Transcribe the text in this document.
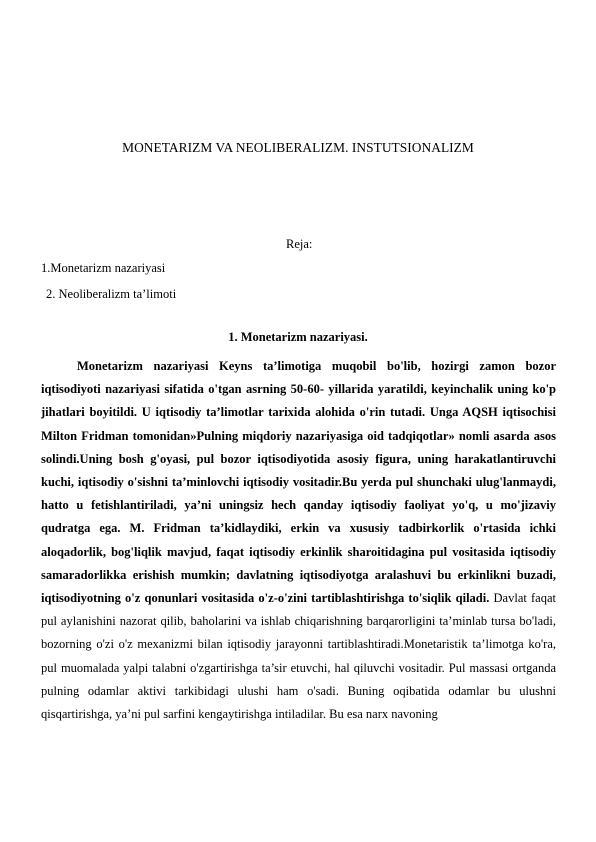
MONETARIZM VA NEOLIBERALIZM. INSTUTSIONALIZM
Reja:
1.Monetarizm nazariyasi
2. Neoliberalizm ta’limoti
1. Monetarizm nazariyasi.

Monetarizm nazariyasi Keyns ta’limotiga muqobil bo'lib, hozirgi zamon bozor iqtisodiyoti nazariyasi sifatida o'tgan asrning 50-60- yillarida yaratildi, keyinchalik uning ko'p jihatlari boyitildi. U iqtisodiy ta’limotlar tarixida alohida o'rin tutadi. Unga AQSH iqtisochisi Milton Fridman tomonidan»Pulning miqdoriy nazariyasiga oid tadqiqotlar» nomli asarda asos solindi.Uning bosh g'oyasi, pul bozor iqtisodiyotida asosiy figura, uning harakatlantiruvchi kuchi, iqtisodiy o'sishni ta’minlovchi iqtisodiy vositadir.Bu yerda pul shunchaki ulug'lanmaydi, hatto u fetishlantiriladi, ya’ni uningsiz hech qanday iqtisodiy faoliyat yo'q, u mo'jizaviy qudratga ega. M. Fridman ta’kidlaydiki, erkin va xususiy tadbirkorlik o'rtasida ichki aloqadorlik, bog'liqlik mavjud, faqat iqtisodiy erkinlik sharoitidagina pul vositasida iqtisodiy samaradorlikka erishish mumkin; davlatning iqtisodiyotga aralashuvi bu erkinlikni buzadi, iqtisodiyotning o'z qonunlari vositasida o'z-o'zini tartiblashtirishga to'siqlik qiladi. Davlat faqat pul aylanishini nazorat qilib, baholarini va ishlab chiqarishning barqarorligini ta’minlab tursa bo'ladi, bozorning o'zi o'z mexanizmi bilan iqtisodiy jarayonni tartiblashtiradi.Monetaristik ta’limotga ko'ra, pul muomalada yalpi talabni o'zgartirishga ta’sir etuvchi, hal qiluvchi vositadir. Pul massasi ortganda pulning odamlar aktivi tarkibidagi ulushi ham o'sadi. Buning oqibatida odamlar bu ulushni qisqartirishga, ya’ni pul sarfini kengaytirishga intiladilar. Bu esa narx navoning
